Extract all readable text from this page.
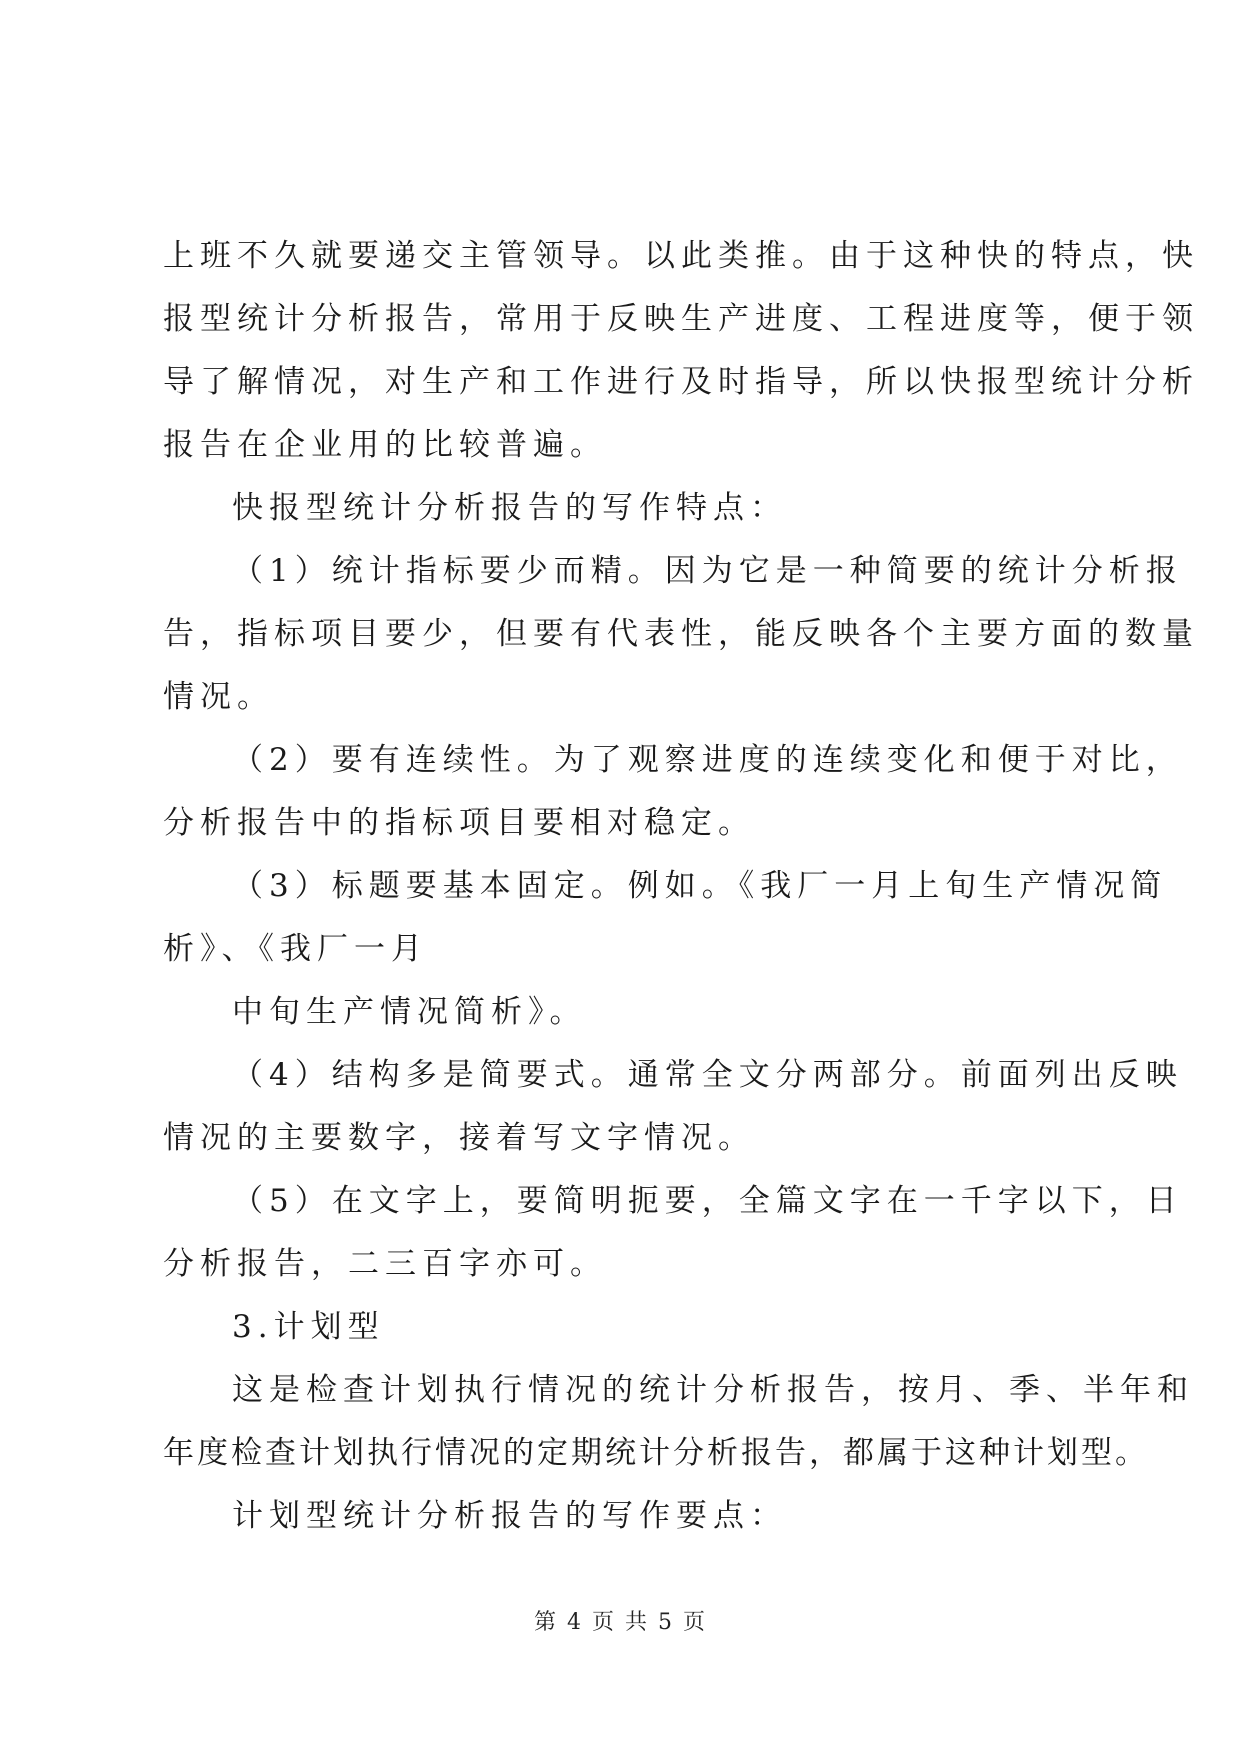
上班不久就要递交主管领导。以此类推。由于这种快的特点，快
报型统计分析报告，常用于反映生产进度、工程进度等，便于领
导了解情况，对生产和工作进行及时指导，所以快报型统计分析
报告在企业用的比较普遍。
快报型统计分析报告的写作特点：
（1）统计指标要少而精。因为它是一种简要的统计分析报
告，指标项目要少，但要有代表性，能反映各个主要方面的数量
情况。
（2）要有连续性。为了观察进度的连续变化和便于对比，
分析报告中的指标项目要相对稳定。
（3）标题要基本固定。例如。《我厂一月上旬生产情况简
析》、《我厂一月
中旬生产情况简析》。
（4）结构多是简要式。通常全文分两部分。前面列出反映
情况的主要数字，接着写文字情况。
（5）在文字上，要简明扼要，全篇文字在一千字以下，日
分析报告，二三百字亦可。
3.计划型
这是检查计划执行情况的统计分析报告，按月、季、半年和
年度检查计划执行情况的定期统计分析报告，都属于这种计划型。
计划型统计分析报告的写作要点：
第 4 页 共 5 页
